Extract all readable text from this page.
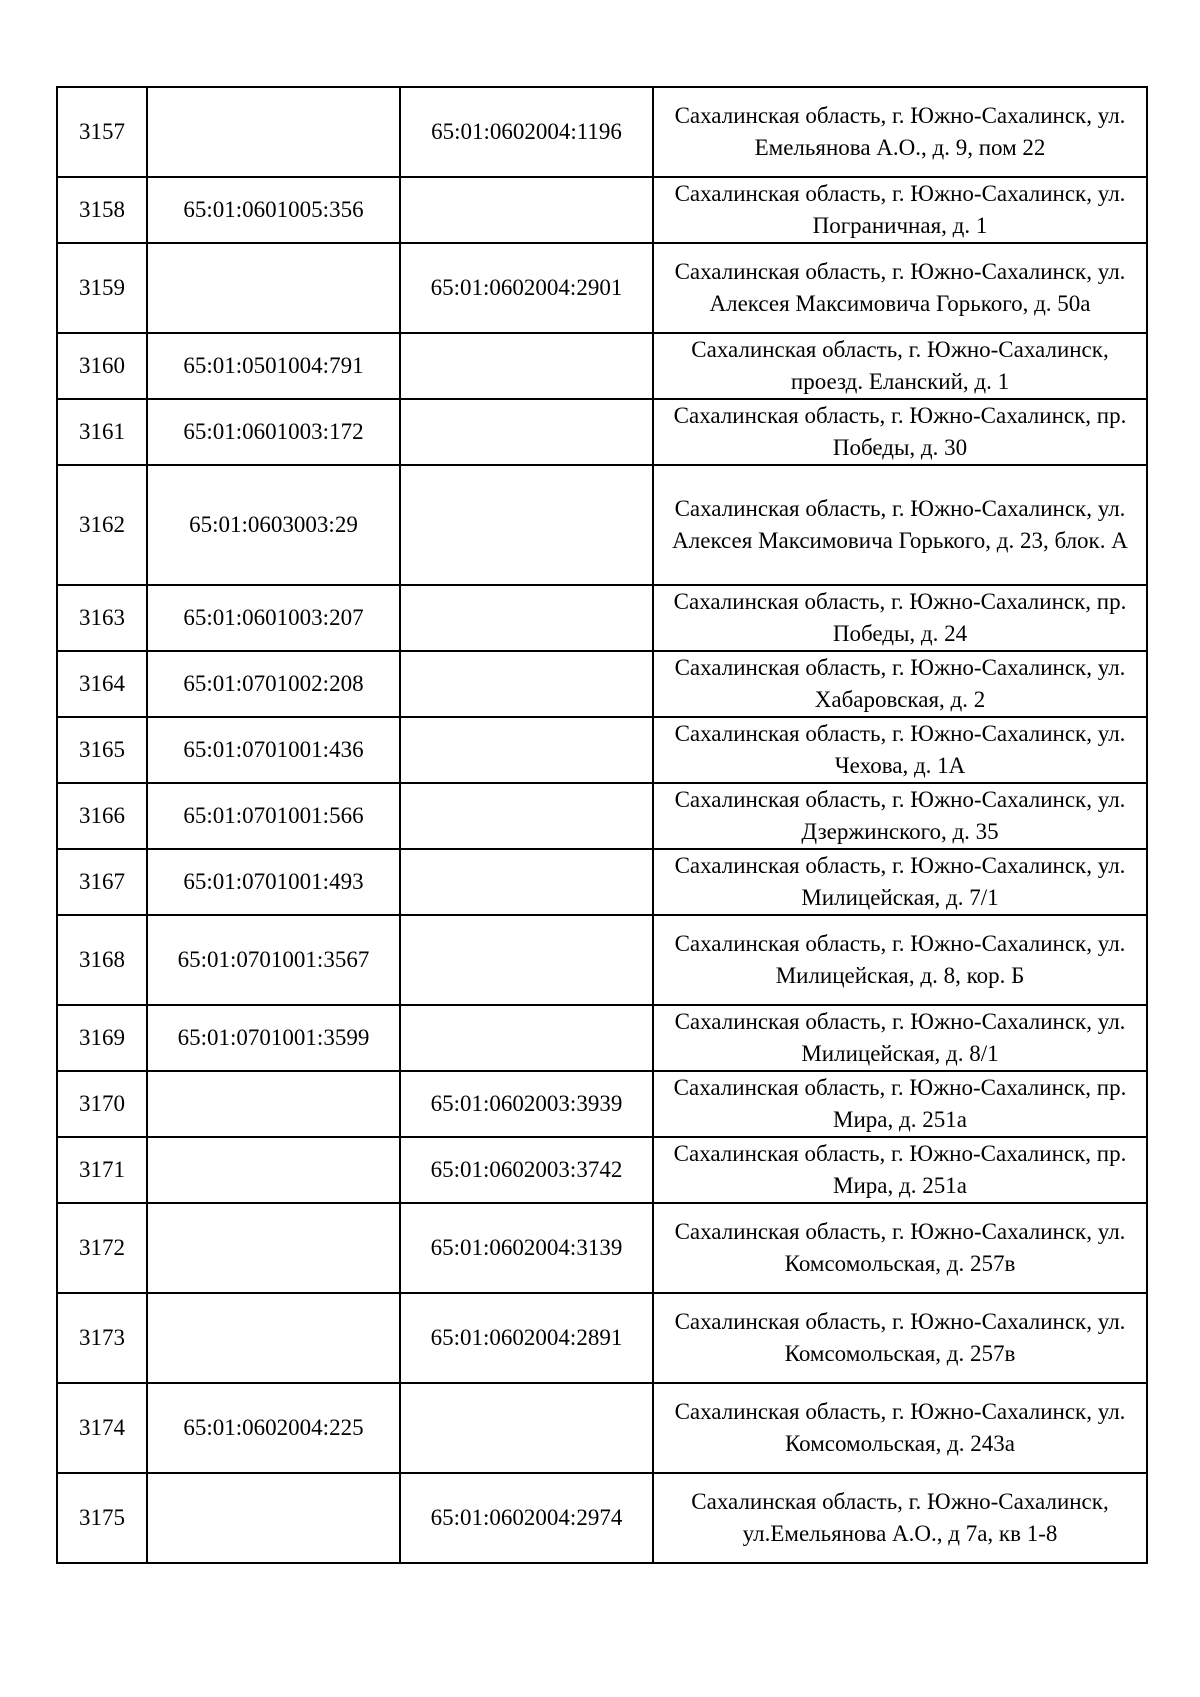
3157		65:01:0602004:1196	Сахалинская область, г. Южно-Сахалинск, ул. Емельянова А.О., д. 9, пом 22
3158	65:01:0601005:356		Сахалинская область, г. Южно-Сахалинск, ул. Пограничная, д. 1
3159		65:01:0602004:2901	Сахалинская область, г. Южно-Сахалинск, ул. Алексея Максимовича Горького, д. 50а
3160	65:01:0501004:791		Сахалинская область, г. Южно-Сахалинск, проезд. Еланский, д. 1
3161	65:01:0601003:172		Сахалинская область, г. Южно-Сахалинск, пр. Победы, д. 30
3162	65:01:0603003:29		Сахалинская область, г. Южно-Сахалинск, ул. Алексея Максимовича Горького, д. 23, блок. А
3163	65:01:0601003:207		Сахалинская область, г. Южно-Сахалинск, пр. Победы, д. 24
3164	65:01:0701002:208		Сахалинская область, г. Южно-Сахалинск, ул. Хабаровская, д. 2
3165	65:01:0701001:436		Сахалинская область, г. Южно-Сахалинск, ул. Чехова, д. 1А
3166	65:01:0701001:566		Сахалинская область, г. Южно-Сахалинск, ул. Дзержинского, д. 35
3167	65:01:0701001:493		Сахалинская область, г. Южно-Сахалинск, ул. Милицейская, д. 7/1
3168	65:01:0701001:3567		Сахалинская область, г. Южно-Сахалинск, ул. Милицейская, д. 8, кор. Б
3169	65:01:0701001:3599		Сахалинская область, г. Южно-Сахалинск, ул. Милицейская, д. 8/1
3170		65:01:0602003:3939	Сахалинская область, г. Южно-Сахалинск, пр. Мира, д. 251а
3171		65:01:0602003:3742	Сахалинская область, г. Южно-Сахалинск, пр. Мира, д. 251а
3172		65:01:0602004:3139	Сахалинская область, г. Южно-Сахалинск, ул. Комсомольская, д. 257в
3173		65:01:0602004:2891	Сахалинская область, г. Южно-Сахалинск, ул. Комсомольская, д. 257в
3174	65:01:0602004:225		Сахалинская область, г. Южно-Сахалинск, ул. Комсомольская, д. 243а
3175		65:01:0602004:2974	Сахалинская область, г. Южно-Сахалинск, ул.Емельянова А.О., д 7а, кв 1-8
